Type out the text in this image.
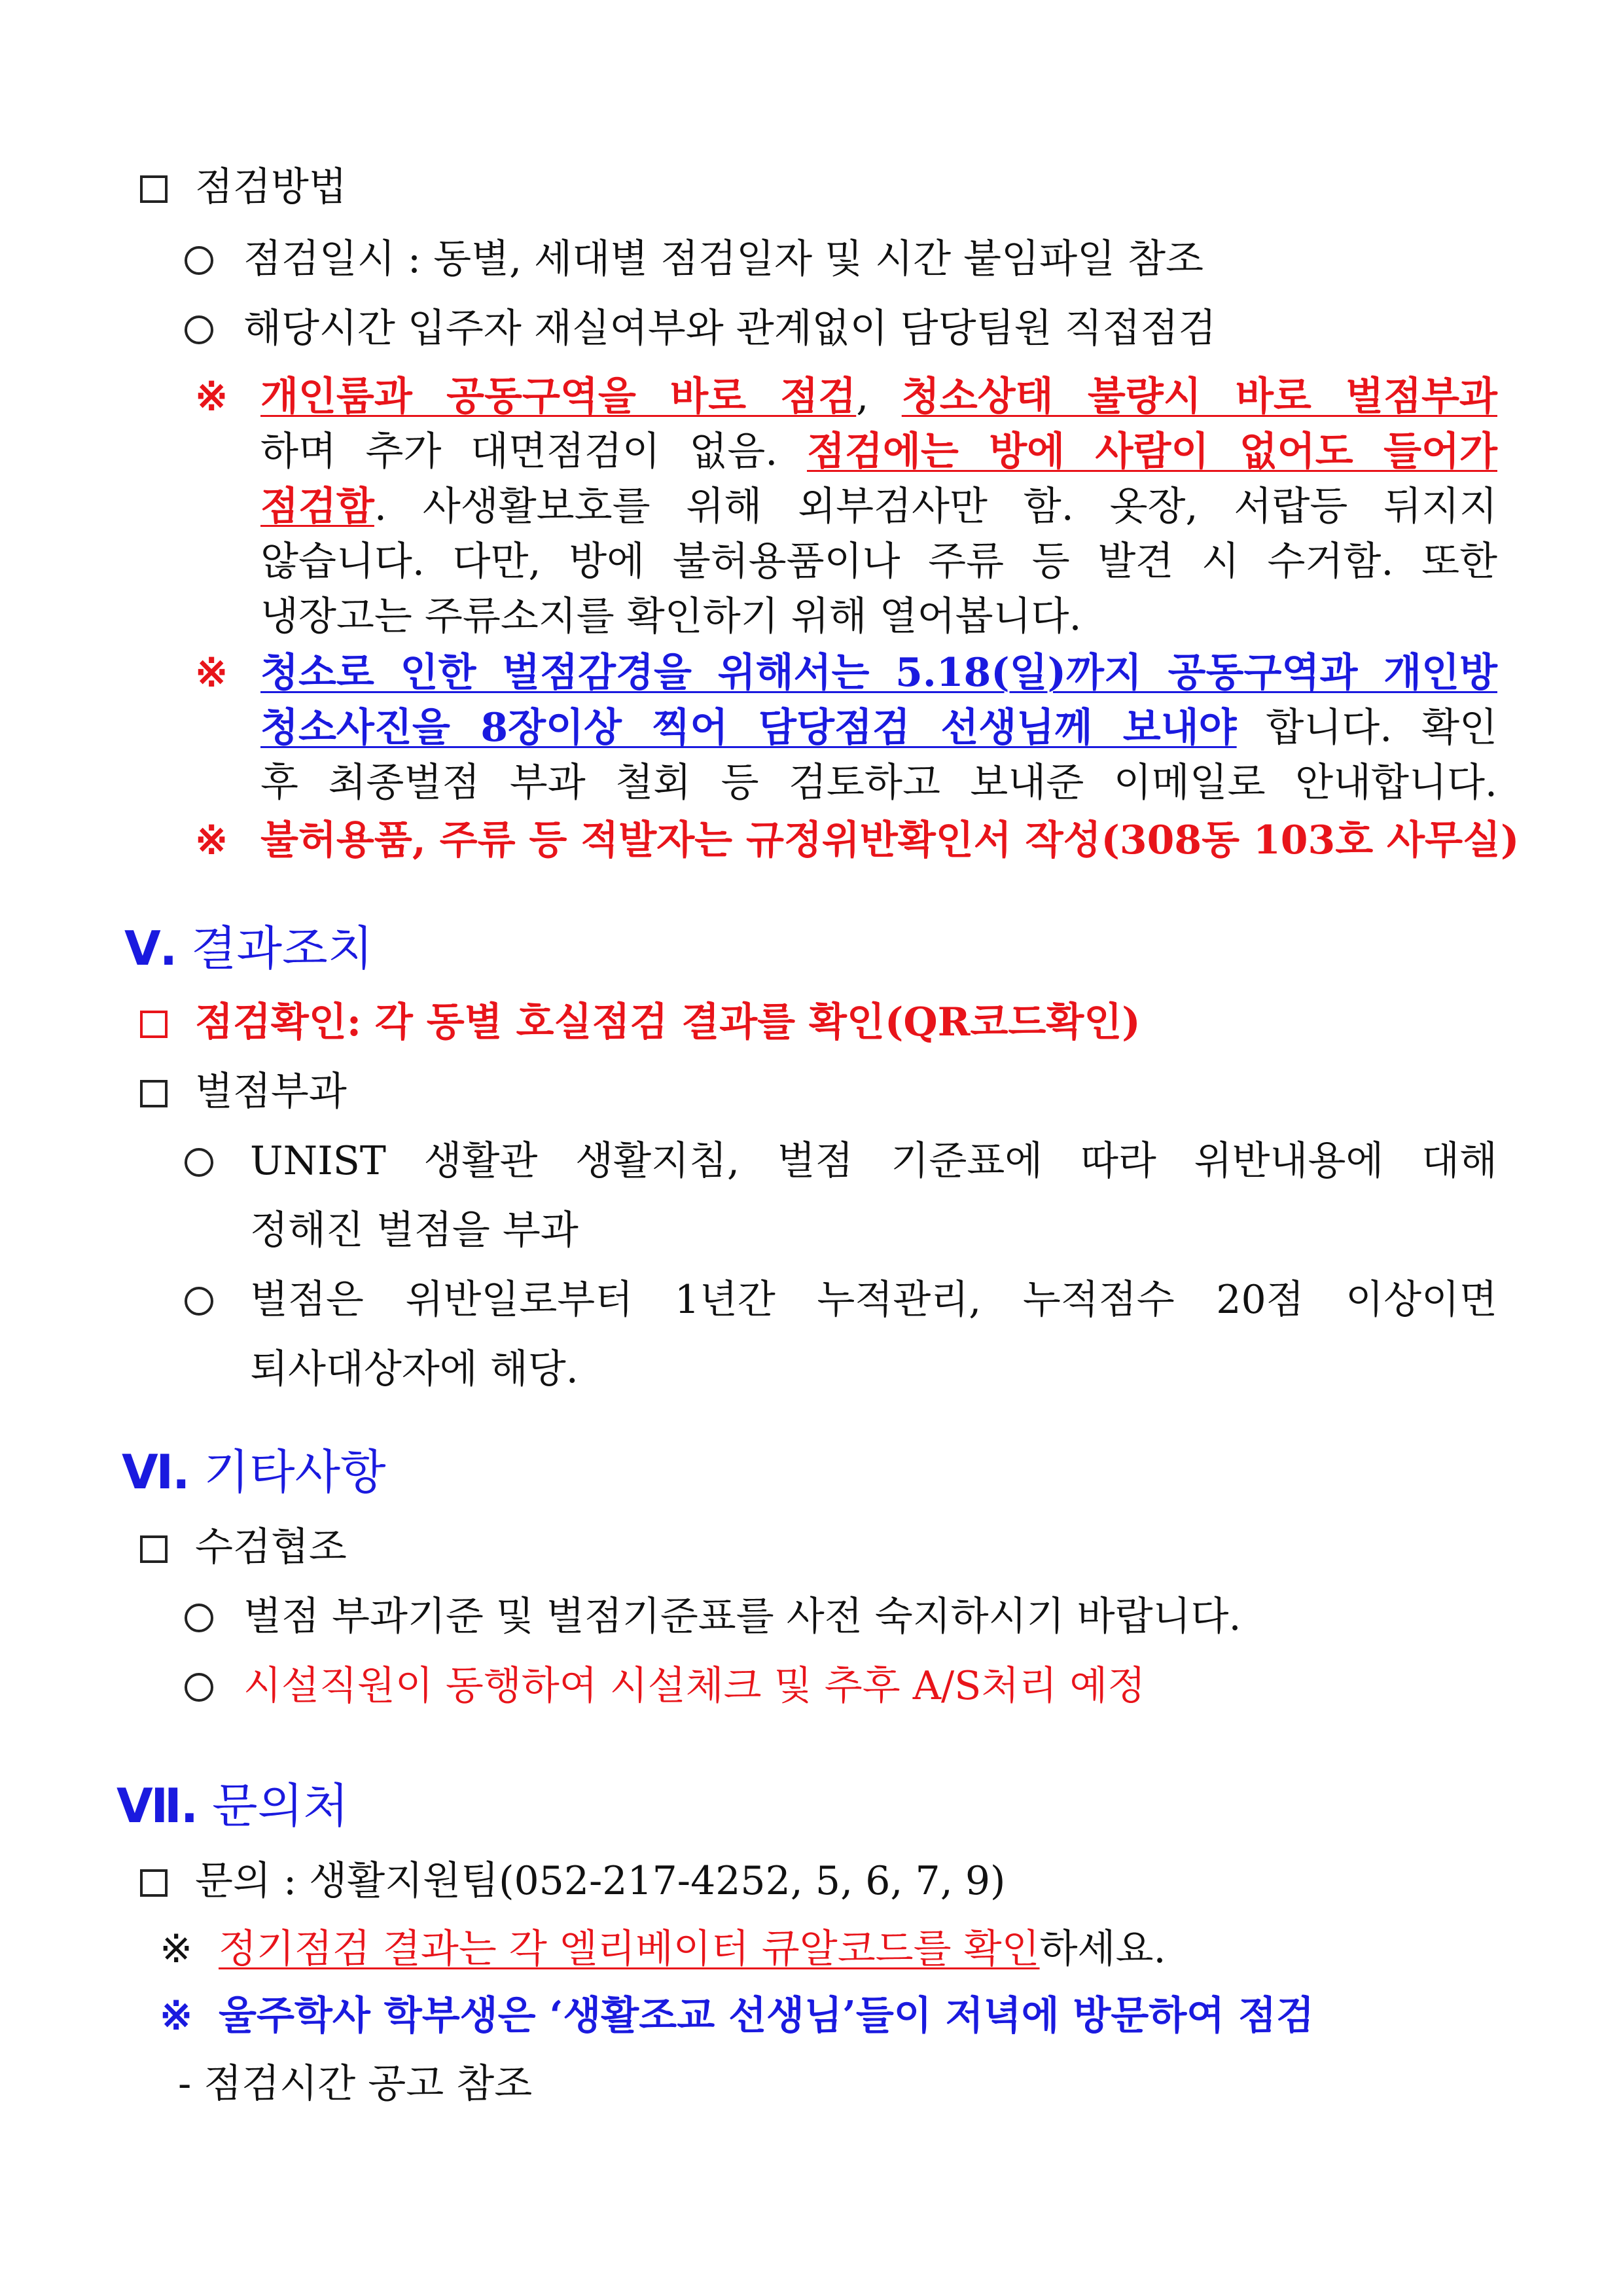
점검방법
점검일시 : 동별, 세대별 점검일자 및 시간 붙임파일 참조
해당시간 입주자 재실여부와 관계없이 담당팀원 직접점검
※ 개인룸과 공동구역을 바로 점검, 청소상태 불량시 바로 벌점부과
하며 추가 대면점검이 없음. 점검에는 방에 사람이 없어도 들어가
점검함. 사생활보호를 위해 외부검사만 함. 옷장, 서랍등 뒤지지
않습니다. 다만, 방에 불허용품이나 주류 등 발견 시 수거함. 또한
냉장고는 주류소지를 확인하기 위해 열어봅니다.
※ 청소로 인한 벌점감경을 위해서는 5.18(일)까지 공동구역과 개인방
청소사진을 8장이상 찍어 담당점검 선생님께 보내야 합니다. 확인
후 최종벌점 부과 철회 등 검토하고 보내준 이메일로 안내합니다.
※ 불허용품, 주류 등 적발자는 규정위반확인서 작성(308동 103호 사무실)
Ⅴ. 결과조치
점검확인: 각 동별 호실점검 결과를 확인(QR코드확인)
벌점부과
UNIST 생활관 생활지침, 벌점 기준표에 따라 위반내용에 대해
정해진 벌점을 부과
벌점은 위반일로부터 1년간 누적관리, 누적점수 20점 이상이면
퇴사대상자에 해당.
Ⅵ. 기타사항
수검협조
벌점 부과기준 및 벌점기준표를 사전 숙지하시기 바랍니다.
시설직원이 동행하여 시설체크 및 추후 A/S처리 예정
Ⅶ. 문의처
문의 : 생활지원팀(052-217-4252, 5, 6, 7, 9)
※ 정기점검 결과는 각 엘리베이터 큐알코드를 확인하세요.
※ 울주학사 학부생은 ‘생활조교 선생님’들이 저녁에 방문하여 점검
- 점검시간 공고 참조
